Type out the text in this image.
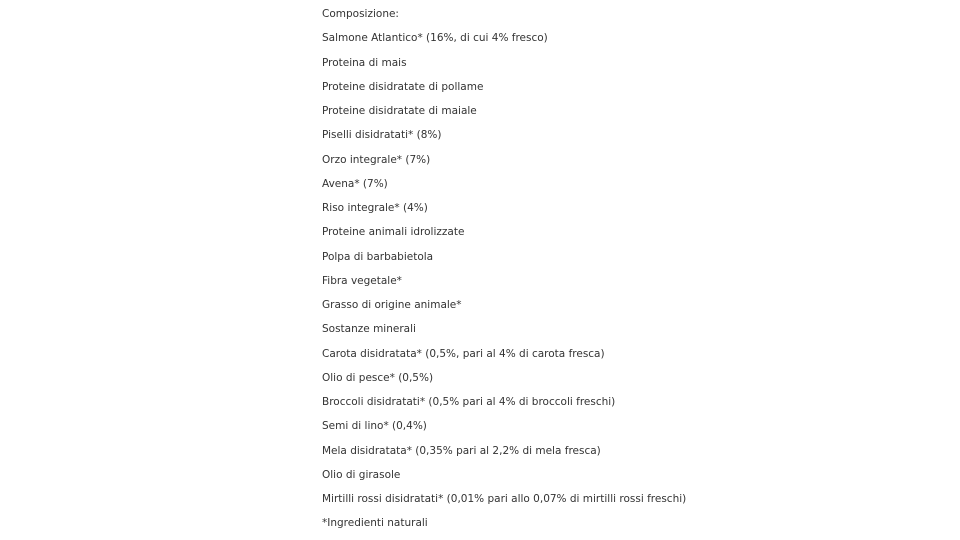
Composizione:
Salmone Atlantico* (16%, di cui 4% fresco)
Proteina di mais
Proteine disidratate di pollame
Proteine disidratate di maiale
Piselli disidratati* (8%)
Orzo integrale* (7%)
Avena* (7%)
Riso integrale* (4%)
Proteine animali idrolizzate
Polpa di barbabietola
Fibra vegetale*
Grasso di origine animale*
Sostanze minerali
Carota disidratata* (0,5%, pari al 4% di carota fresca)
Olio di pesce* (0,5%)
Broccoli disidratati* (0,5% pari al 4% di broccoli freschi)
Semi di lino* (0,4%)
Mela disidratata* (0,35% pari al 2,2% di mela fresca)
Olio di girasole
Mirtilli rossi disidratati* (0,01% pari allo 0,07% di mirtilli rossi freschi)
*Ingredienti naturali
